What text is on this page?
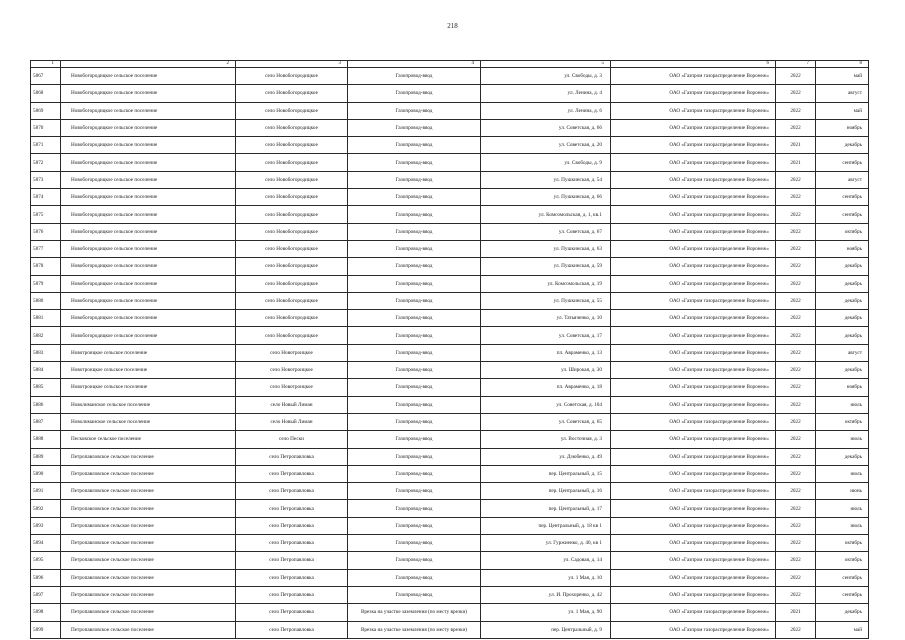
218
1	2	3	4	5	6	7	8
5867	Новобогородицкое сельское поселение	село Новобогородицкое	Газопровод-ввод	ул. Свободы, д. 3	ОАО «Газпром газораспределение Воронеж»	2022	май
5868	Новобогородицкое сельское поселение	село Новобогородицкое	Газопровод-ввод	ул. Ленина, д. 4	ОАО «Газпром газораспределение Воронеж»	2022	август
5869	Новобогородицкое сельское поселение	село Новобогородицкое	Газопровод-ввод	ул. Ленина, д. 6	ОАО «Газпром газораспределение Воронеж»	2022	май
5870	Новобогородицкое сельское поселение	село Новобогородицкое	Газопровод-ввод	ул. Советская, д. 66	ОАО «Газпром газораспределение Воронеж»	2022	ноябрь
5871	Новобогородицкое сельское поселение	село Новобогородицкое	Газопровод-ввод	ул. Советская, д. 20	ОАО «Газпром газораспределение Воронеж»	2021	декабрь
5872	Новобогородицкое сельское поселение	село Новобогородицкое	Газопровод-ввод	ул. Свободы, д. 9	ОАО «Газпром газораспределение Воронеж»	2021	сентябрь
5873	Новобогородицкое сельское поселение	село Новобогородицкое	Газопровод-ввод	ул. Пушкинская, д. 54	ОАО «Газпром газораспределение Воронеж»	2022	август
5874	Новобогородицкое сельское поселение	село Новобогородицкое	Газопровод-ввод	ул. Пушкинская, д. 66	ОАО «Газпром газораспределение Воронеж»	2022	сентябрь
5875	Новобогородицкое сельское поселение	село Новобогородицкое	Газопровод-ввод	ул. Комсомольская, д. 1, кв.1	ОАО «Газпром газораспределение Воронеж»	2022	сентябрь
5876	Новобогородицкое сельское поселение	село Новобогородицкое	Газопровод-ввод	ул. Советская, д. 67	ОАО «Газпром газораспределение Воронеж»	2022	октябрь
5877	Новобогородицкое сельское поселение	село Новобогородицкое	Газопровод-ввод	ул. Пушкинская, д. 63	ОАО «Газпром газораспределение Воронеж»	2022	ноябрь
5878	Новобогородицкое сельское поселение	село Новобогородицкое	Газопровод-ввод	ул. Пушкинская, д. 59	ОАО «Газпром газораспределение Воронеж»	2022	декабрь
5879	Новобогородицкое сельское поселение	село Новобогородицкое	Газопровод-ввод	ул. Комсомольская, д. 19	ОАО «Газпром газораспределение Воронеж»	2022	декабрь
5880	Новобогородицкое сельское поселение	село Новобогородицкое	Газопровод-ввод	ул. Пушкинская, д. 55	ОАО «Газпром газораспределение Воронеж»	2022	декабрь
5881	Новобогородицкое сельское поселение	село Новобогородицкое	Газопровод-ввод	ул. Татьяченко, д. 10	ОАО «Газпром газораспределение Воронеж»	2022	декабрь
5882	Новобогородицкое сельское поселение	село Новобогородицкое	Газопровод-ввод	ул. Советская, д. 17	ОАО «Газпром газораспределение Воронеж»	2022	декабрь
5883	Новотроицкое сельское поселение	село Новотроицкое	Газопровод-ввод	пл. Авраменко, д. 13	ОАО «Газпром газораспределение Воронеж»	2022	август
5884	Новотроицкое сельское поселение	село Новотроицкое	Газопровод-ввод	ул. Широкая, д. 30	ОАО «Газпром газораспределение Воронеж»	2022	декабрь
5885	Новотроицкое сельское поселение	село Новотроицкое	Газопровод-ввод	пл. Авраменко, д. 18	ОАО «Газпром газораспределение Воронеж»	2022	ноябрь
5886	Новолиманское сельское поселение	село Новый Лиман	Газопровод-ввод	ул. Советская, д. 104	ОАО «Газпром газораспределение Воронеж»	2022	июль
5887	Новолиманское сельское поселение	село Новый Лиман	Газопровод-ввод	ул. Советская, д. 65	ОАО «Газпром газораспределение Воронеж»	2022	октябрь
5888	Песковское сельское поселение	село Пески	Газопровод-ввод	ул. Восточная, д. 3	ОАО «Газпром газораспределение Воронеж»	2022	июль
5889	Петропавловское сельское поселение	село Петропавловка	Газопровод-ввод	ул. Дзюбенко, д. 49	ОАО «Газпром газораспределение Воронеж»	2022	декабрь
5890	Петропавловское сельское поселение	село Петропавловка	Газопровод-ввод	пер. Центральный, д. 15	ОАО «Газпром газораспределение Воронеж»	2022	июль
5891	Петропавловское сельское поселение	село Петропавловка	Газопровод-ввод	пер. Центральный, д. 16	ОАО «Газпром газораспределение Воронеж»	2022	июнь
5892	Петропавловское сельское поселение	село Петропавловка	Газопровод-ввод	пер. Центральный, д. 17	ОАО «Газпром газораспределение Воронеж»	2022	июль
5893	Петропавловское сельское поселение	село Петропавловка	Газопровод-ввод	пер. Центральный, д. 18 кв 1	ОАО «Газпром газораспределение Воронеж»	2022	июль
5894	Петропавловское сельское поселение	село Петропавловка	Газопровод-ввод	ул. Гуржиенко, д. 40, кв 1	ОАО «Газпром газораспределение Воронеж»	2022	октябрь
5895	Петропавловское сельское поселение	село Петропавловка	Газопровод-ввод	ул. Садовая, д. 14	ОАО «Газпром газораспределение Воронеж»	2022	октябрь
5896	Петропавловское сельское поселение	село Петропавловка	Газопровод-ввод	ул. 1 Мая, д. 10	ОАО «Газпром газораспределение Воронеж»	2022	сентябрь
5897	Петропавловское сельское поселение	село Петропавловка	Газопровод-ввод	ул. И. Прохоренко, д. 42	ОАО «Газпром газораспределение Воронеж»	2022	сентябрь
5898	Петропавловское сельское поселение	село Петропавловка	Врезка на участке заземления (по месту врезки)	ул. 1 Мая, д. 90	ОАО «Газпром газораспределение Воронеж»	2021	декабрь
5899	Петропавловское сельское поселение	село Петропавловка	Врезка на участке заземления (по месту врезки)	пер. Центральный, д. 9	ОАО «Газпром газораспределение Воронеж»	2022	май
